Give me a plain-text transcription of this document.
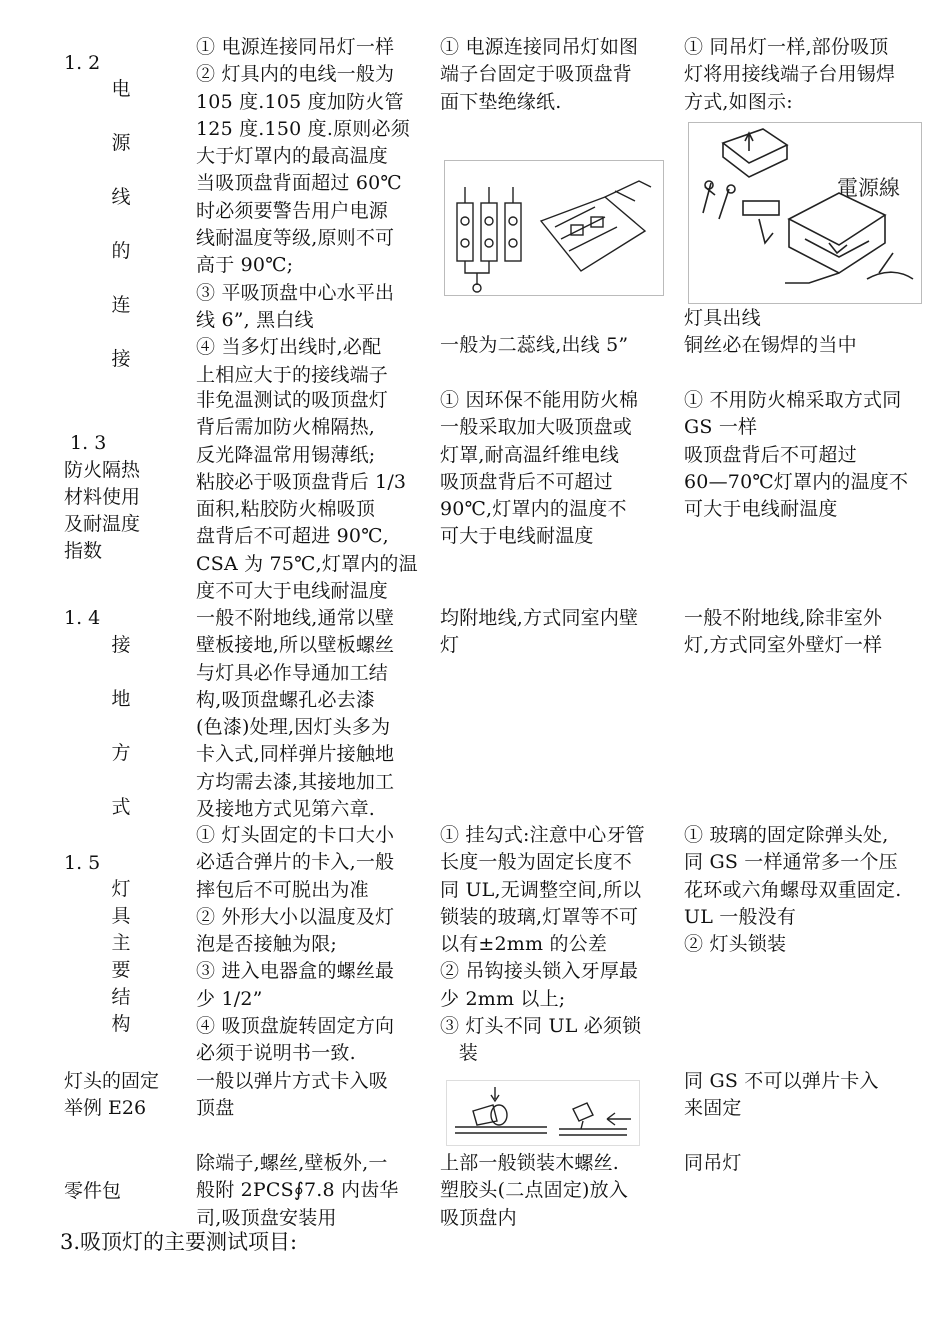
1. 2
电
源
线
的
连
接
① 电源连接同吊灯一样
② 灯具内的电线一般为
105 度.105 度加防火管
125 度.150 度.原则必须
大于灯罩内的最高温度
当吸顶盘背面超过 60℃
时必须要警告用户电源
线耐温度等级,原则不可
高于 90℃;
③ 平吸顶盘中心水平出
线 6”, 黑白线
④ 当多灯出线时,必配
上相应大于的接线端子
① 电源连接同吊灯如图
端子台固定于吸顶盘背
面下垫绝缘纸.
電源線
① 同吊灯一样,部份吸顶
灯将用接线端子台用锡焊
方式,如图示:
一般为二蕊线,出线 5”
灯具出线
铜丝必在锡焊的当中
1. 3
防火隔热
材料使用
及耐温度
指数
非免温测试的吸顶盘灯
背后需加防火棉隔热,
反光降温常用锡薄纸;
粘胶必于吸顶盘背后 1/3
面积,粘胶防火棉吸顶
盘背后不可超进 90℃,
CSA 为 75℃,灯罩内的温
度不可大于电线耐温度
① 因环保不能用防火棉
一般采取加大吸顶盘或
灯罩,耐高温纤维电线
吸顶盘背后不可超过
90℃,灯罩内的温度不
可大于电线耐温度
① 不用防火棉采取方式同
GS 一样
吸顶盘背后不可超过
60—70℃灯罩内的温度不
可大于电线耐温度
1. 4
接
地
方
式
一般不附地线,通常以壁
壁板接地,所以壁板螺丝
与灯具必作导通加工结
构,吸顶盘螺孔必去漆
(色漆)处理,因灯头多为
卡入式,同样弹片接触地
方均需去漆,其接地加工
及接地方式见第六章.
均附地线,方式同室内壁
灯
一般不附地线,除非室外
灯,方式同室外壁灯一样
1. 5
灯
具
主
要
结
构
① 灯头固定的卡口大小
必适合弹片的卡入,一般
摔包后不可脱出为准
② 外形大小以温度及灯
泡是否接触为限;
③ 进入电器盒的螺丝最
少 1/2”
④ 吸顶盘旋转固定方向
必须于说明书一致.
① 挂勾式:注意中心牙管
长度一般为固定长度不
同 UL,无调整空间,所以
锁装的玻璃,灯罩等不可
以有±2mm 的公差
② 吊钩接头锁入牙厚最
少 2mm 以上;
③ 灯头不同 UL 必须锁
装
① 玻璃的固定除弹头处,
同 GS 一样通常多一个压
花环或六角螺母双重固定.
UL 一般没有
② 灯头锁装
灯头的固定
举例 E26
一般以弹片方式卡入吸
顶盘
同 GS 不可以弹片卡入
来固定
零件包
除端子,螺丝,壁板外,一
般附 2PCS∮7.8 内齿华
司,吸顶盘安装用
上部一般锁装木螺丝.
塑胶头(二点固定)放入
吸顶盘内
同吊灯
3.吸顶灯的主要测试项目:
